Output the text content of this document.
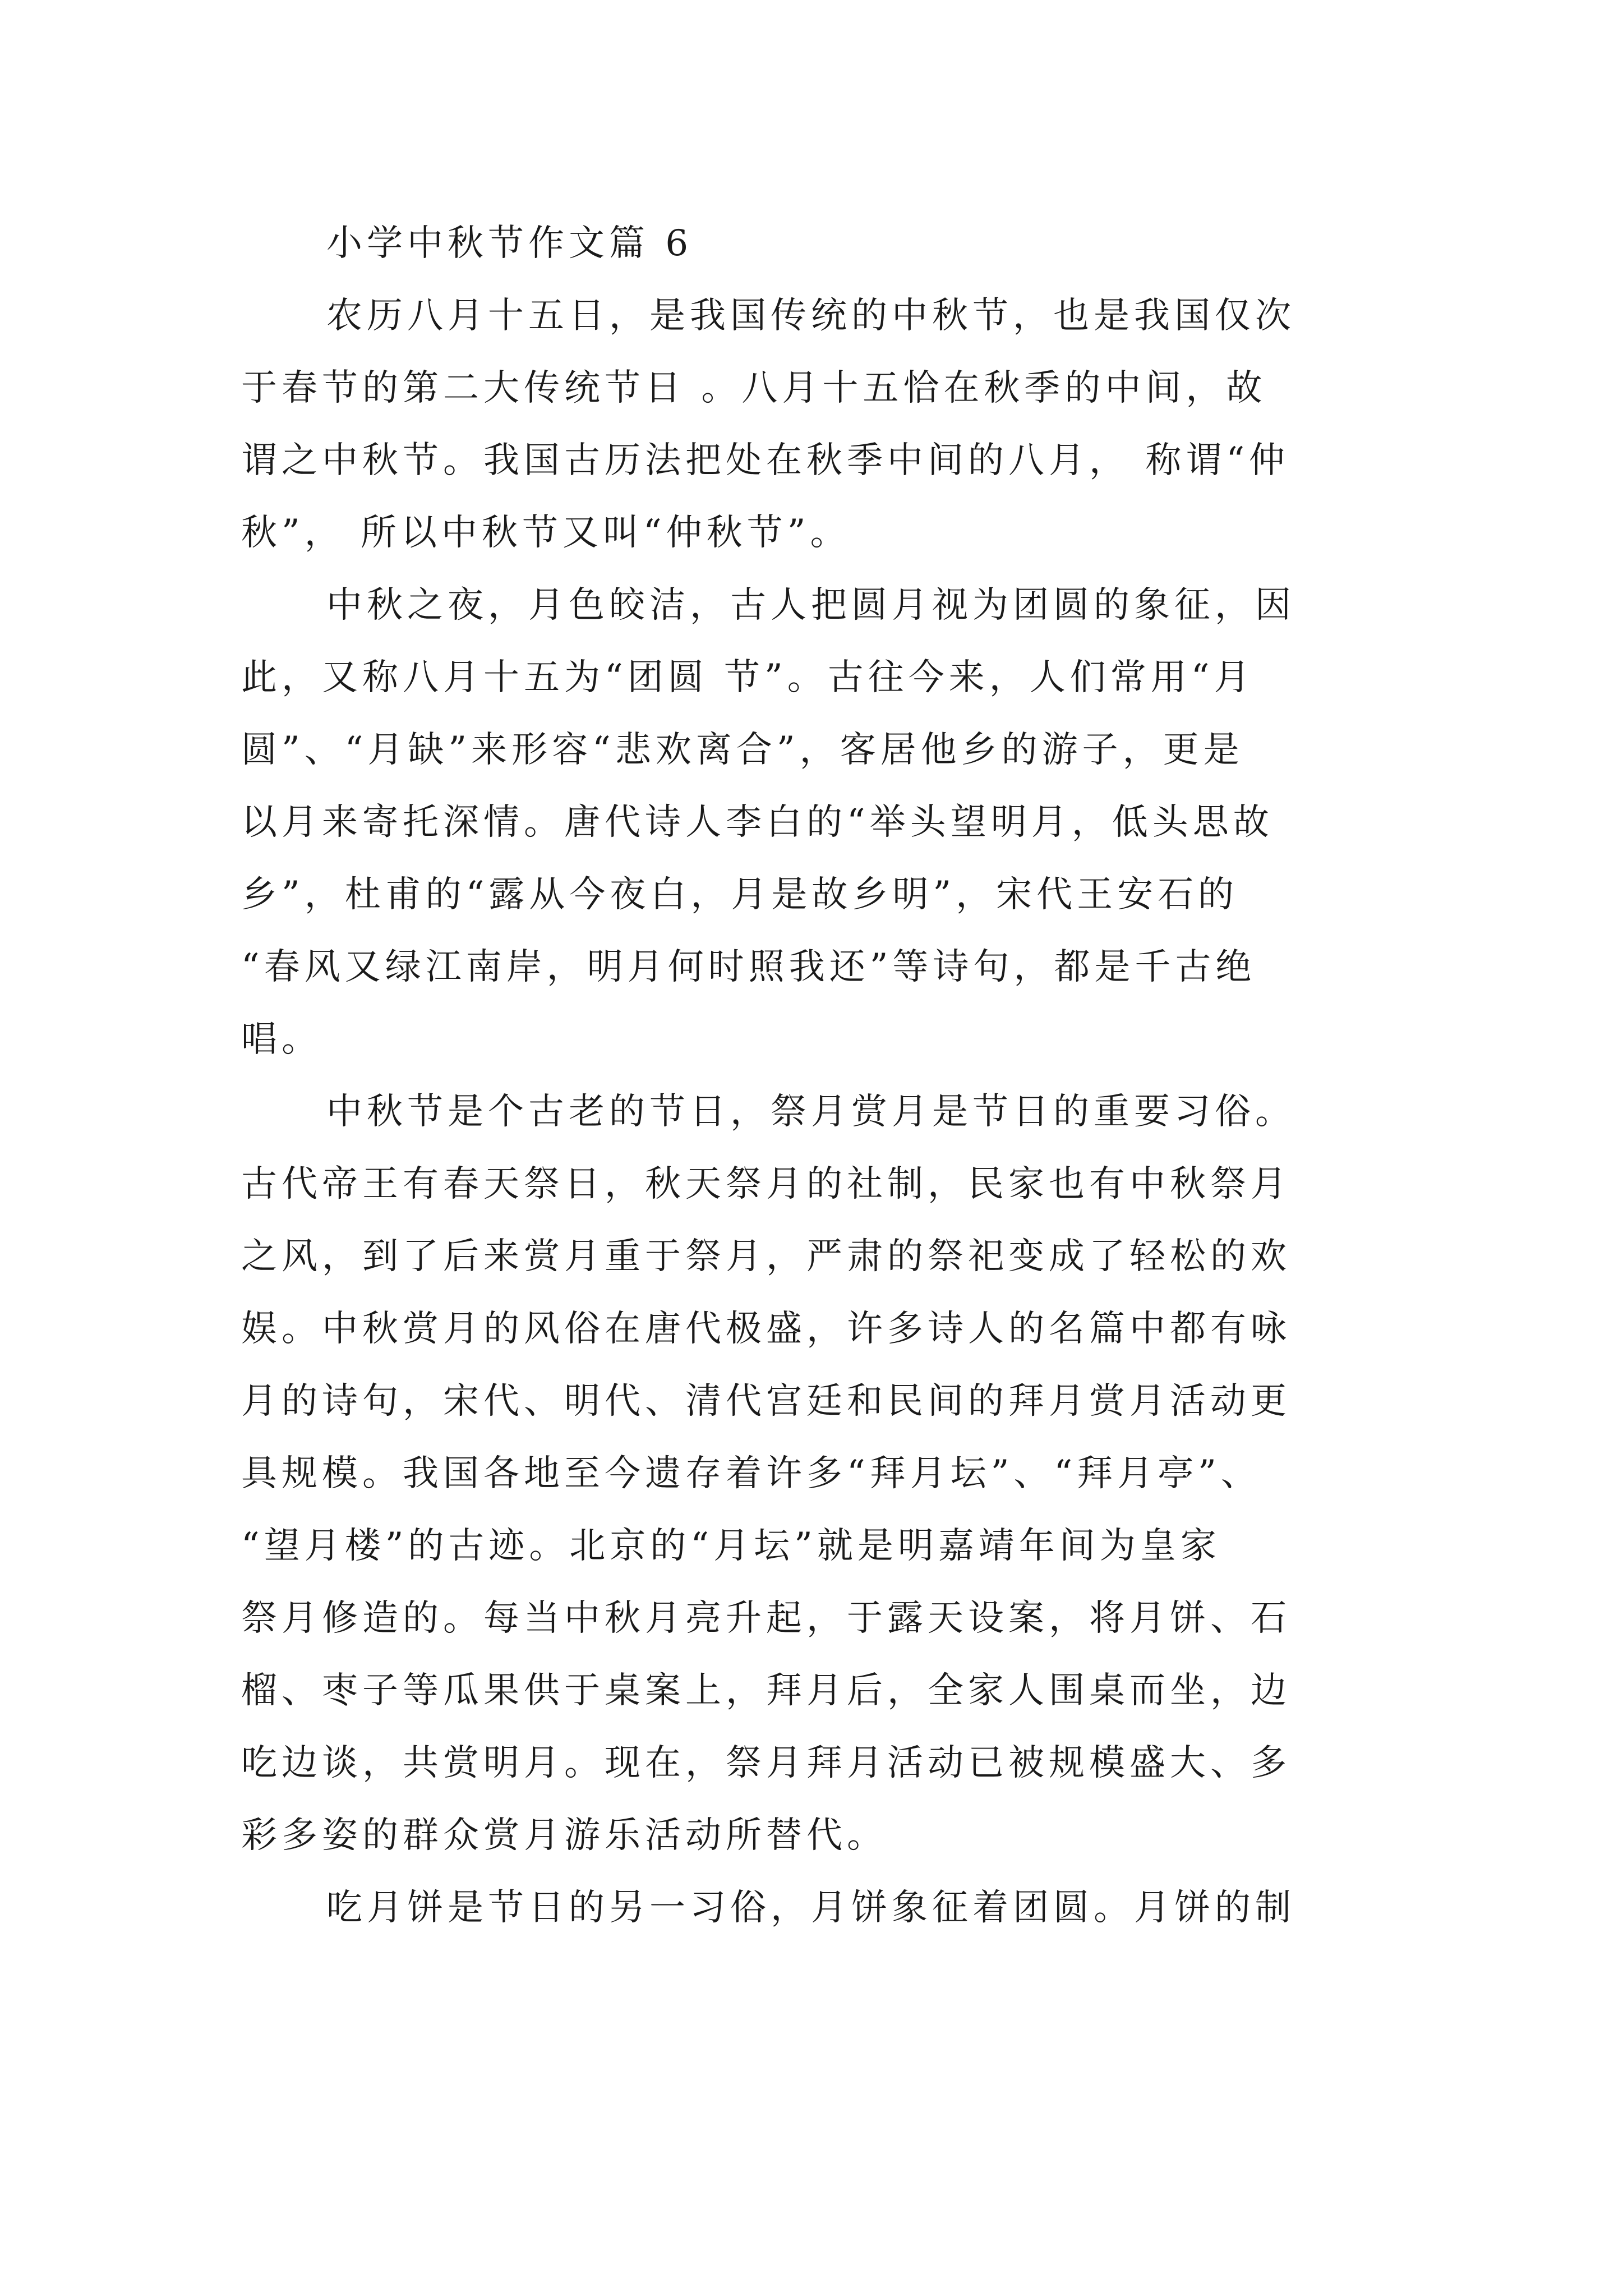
小学中秋节作文篇 6
农历八月十五日，是我国传统的中秋节，也是我国仅次
于春节的第二大传统节日 。八月十五恰在秋季的中间，故
谓之中秋节。我国古历法把处在秋季中间的八月， 称谓“仲
秋”， 所以中秋节又叫“仲秋节”。
中秋之夜，月色皎洁，古人把圆月视为团圆的象征，因
此，又称八月十五为“团圆 节”。古往今来，人们常用“月
圆”、“月缺”来形容“悲欢离合”，客居他乡的游子，更是
以月来寄托深情。唐代诗人李白的“举头望明月，低头思故
乡”，杜甫的“露从今夜白，月是故乡明”，宋代王安石的
“春风又绿江南岸，明月何时照我还”等诗句，都是千古绝
唱。
中秋节是个古老的节日，祭月赏月是节日的重要习俗。
古代帝王有春天祭日，秋天祭月的社制，民家也有中秋祭月
之风，到了后来赏月重于祭月，严肃的祭祀变成了轻松的欢
娱。中秋赏月的风俗在唐代极盛，许多诗人的名篇中都有咏
月的诗句，宋代、明代、清代宫廷和民间的拜月赏月活动更
具规模。我国各地至今遗存着许多“拜月坛”、“拜月亭”、
“望月楼”的古迹。北京的“月坛”就是明嘉靖年间为皇家
祭月修造的。每当中秋月亮升起，于露天设案，将月饼、石
榴、枣子等瓜果供于桌案上，拜月后，全家人围桌而坐，边
吃边谈，共赏明月。现在，祭月拜月活动已被规模盛大、多
彩多姿的群众赏月游乐活动所替代。
吃月饼是节日的另一习俗，月饼象征着团圆。月饼的制
